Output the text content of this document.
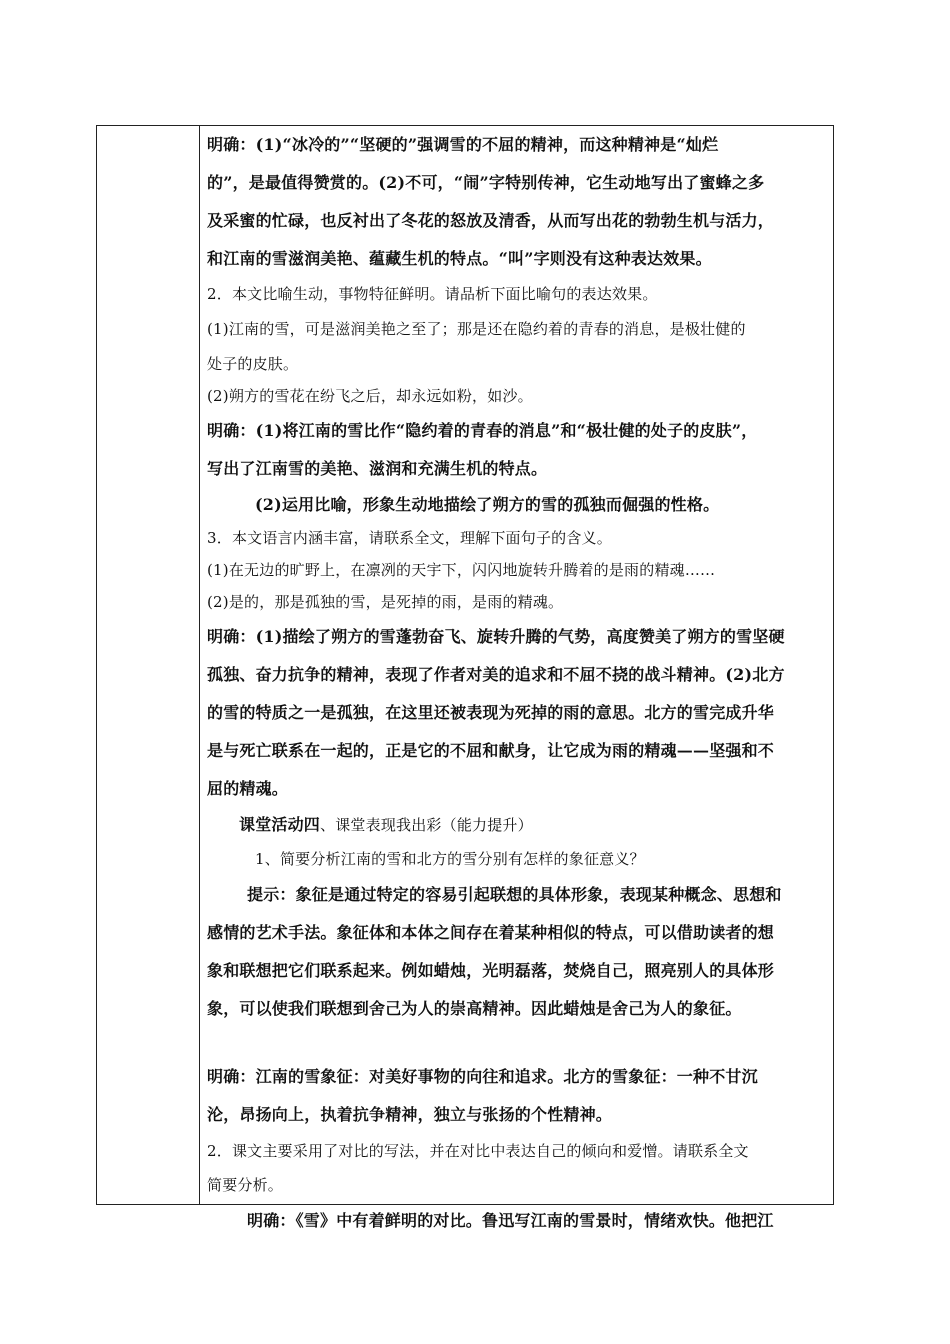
明确：(1)“冰冷的”“坚硬的”强调雪的不屈的精神，而这种精神是“灿烂
的”，是最值得赞赏的。(2)不可，“闹”字特别传神，它生动地写出了蜜蜂之多
及采蜜的忙碌，也反衬出了冬花的怒放及清香，从而写出花的勃勃生机与活力，
和江南的雪滋润美艳、蕴藏生机的特点。“叫”字则没有这种表达效果。
2．本文比喻生动，事物特征鲜明。请品析下面比喻句的表达效果。
(1)江南的雪，可是滋润美艳之至了；那是还在隐约着的青春的消息，是极壮健的
处子的皮肤。
(2)朔方的雪花在纷飞之后，却永远如粉，如沙。
明确：(1)将江南的雪比作“隐约着的青春的消息”和“极壮健的处子的皮肤”，
写出了江南雪的美艳、滋润和充满生机的特点。
(2)运用比喻，形象生动地描绘了朔方的雪的孤独而倔强的性格。
3．本文语言内涵丰富，请联系全文，理解下面句子的含义。
(1)在无边的旷野上，在凛冽的天宇下，闪闪地旋转升腾着的是雨的精魂……
(2)是的，那是孤独的雪，是死掉的雨，是雨的精魂。
明确：(1)描绘了朔方的雪蓬勃奋飞、旋转升腾的气势，高度赞美了朔方的雪坚硬
孤独、奋力抗争的精神，表现了作者对美的追求和不屈不挠的战斗精神。(2)北方
的雪的特质之一是孤独，在这里还被表现为死掉的雨的意思。北方的雪完成升华
是与死亡联系在一起的，正是它的不屈和献身，让它成为雨的精魂——坚强和不
屈的精魂。
课堂活动四、课堂表现我出彩（能力提升）
1、简要分析江南的雪和北方的雪分别有怎样的象征意义？
提示：象征是通过特定的容易引起联想的具体形象，表现某种概念、思想和
感情的艺术手法。象征体和本体之间存在着某种相似的特点，可以借助读者的想
象和联想把它们联系起来。例如蜡烛，光明磊落，焚烧自己，照亮别人的具体形
象，可以使我们联想到舍己为人的崇高精神。因此蜡烛是舍己为人的象征。
明确：江南的雪象征：对美好事物的向往和追求。北方的雪象征：一种不甘沉
沦，昂扬向上，执着抗争精神，独立与张扬的个性精神。
2．课文主要采用了对比的写法，并在对比中表达自己的倾向和爱憎。请联系全文
简要分析。
明确：《雪》中有着鲜明的对比。鲁迅写江南的雪景时，情绪欢快。他把江
